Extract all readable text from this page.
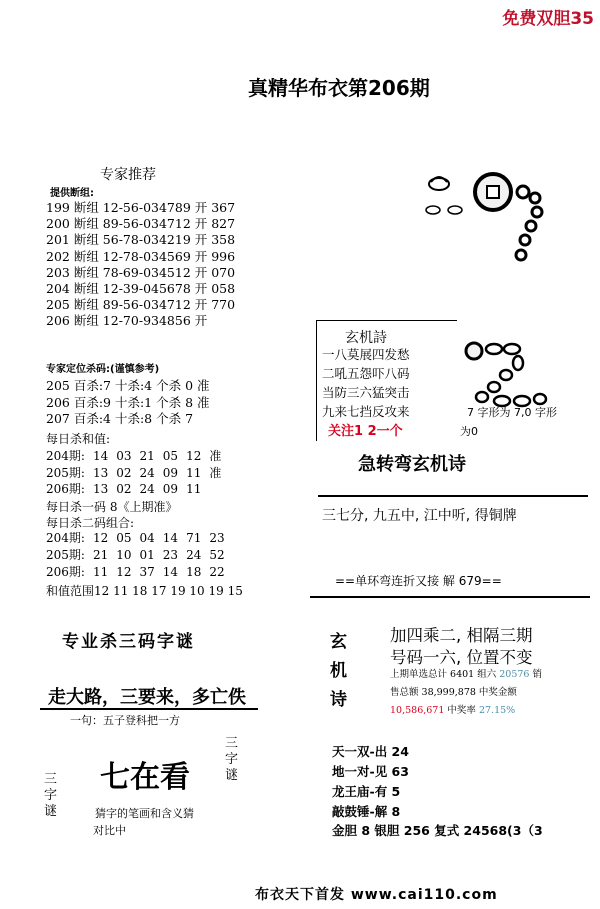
免费双胆35
真精华布衣第206期
专家推荐
提供断组:
199 断组 12-56-034789 开 367
200 断组 89-56-034712 开 827
201 断组 56-78-034219 开 358
202 断组 12-78-034569 开 996
203 断组 78-69-034512 开 070
204 断组 12-39-045678 开 058
205 断组 89-56-034712 开 770
206 断组 12-70-934856 开
专家定位杀码:(谨慎参考)
205 百杀:7 十杀:4 个杀 0 准
206 百杀:9 十杀:1 个杀 8 准
207 百杀:4 十杀:8 个杀 7
每日杀和值:
204期:	14	03	21	05	12	准
205期:	13	02	24	09	11	准
206期:	13	02	24	09	11	
每日杀一码 8《上期准》
每日杀二码组合:
204期:	12	05	04	14	71	23
205期:	21	10	01	23	24	52
206期:	11	12	37	14	18	22
和值范围12 11 18 17 19 10 19 15
专业杀三码字谜
走大路，三要来，多亡佚
一句：五子登科把一方
三字谜
三字谜
七在看
猜字的笔画和含义猜
对比中
玄机詩
一八莫展四发愁
二吼五怨吓八码
当防三六猛突击
九来七挡反攻来
关注1 2一个
7 字形为 7,0 字形
为0
急转弯玄机诗
三七分, 九五中, 江中听, 得铜牌
==单环弯连折又接 解 679==
玄机诗
加四乘二, 相隔三期
号码一六, 位置不变
上期单选总计 6401 组六 20576 销
售总额 38,999,878 中奖金额
10,586,671 中奖率 27.15%
天一双-出 24
地一对-见 63
龙王庙-有 5
敲鼓锤-解 8
金胆 8 银胆 256 复式 24568(3（3
布衣天下首发 www.cai110.com
